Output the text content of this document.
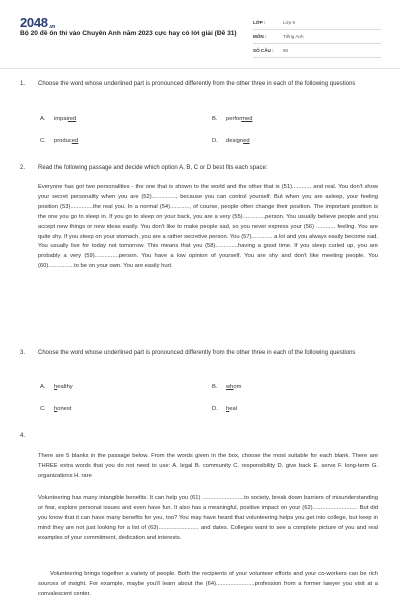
2048.vn
Bộ 20 đề ôn thi vào Chuyên Anh năm 2023 cực hay có lời giải (Đề 31)
LỚP :	Lớp 9
MÔN :	Tiếng Anh
SỐ CÂU : 90
1. Choose the word whose underlined part is pronounced differently from the other three in each of the following questions
A. impaired	B. performed
C. produced	D. designed
2. Read the following passage and decide which option A, B, C or D best fits each space:
Everyone has got two personalities - the one that is shown to the world and the other that is (51)............ and real. You don't show your secret personality when you are (52)..............., because you can control yourself. But when you are asleep, your feeling position (53)..............the real you. In a normal (54)............, of course, people often change their position. The important position is the one you go to sleep in. If you go to sleep on your back, you are a very (55)..............person. You usually believe people and you accept new things or new ideas easily. You don't like to make people sad, so you never express your (56) ............ feeling. You are quite shy. If you sleep on your stomach, you are a rather secretive person. You (57)..............a lot and you always easily become sad. You usually live for today not tomorrow. This means that you (58)..............having a good time. If you sleep curled up, you are probably a very (59)...............person. You have a low opinion of yourself. You are shy and don't like meeting people. You (60)................to be on your own. You are easily hurt.
3. Choose the word whose underlined part is pronounced differently from the other three in each of the following questions
A. healthy	B. whom
C. honest	D. heal
4.
There are 5 blanks in the passage below. From the words given in the box, choose the most suitable for each blank. There are THREE extra words that you do not need to use: A. legal B. community C. responsibility D. give back E. serve F. long-term G. organizations H. rare
Volunteering has many intangible benefits. It can help you (61) ..........................to society, break down barriers of misunderstanding or fear, explore personal issues and even have fun. It also has a meaningful, positive impact on your (62)............................ But did you know that it can have many benefits for you, too? You may have heard that volunteering helps you get into college, but keep in mind they are not just looking for a list of (63)......................... and dates. Colleges want to see a complete picture of you and real examples of your commitment, dedication and interests.
Volunteering brings together a variety of people. Both the recipients of your volunteer efforts and your co-workers can be rich sources of insight. For example, maybe you'll learn about the (64)........................profession from a former lawyer you visit at a convalescent center.
